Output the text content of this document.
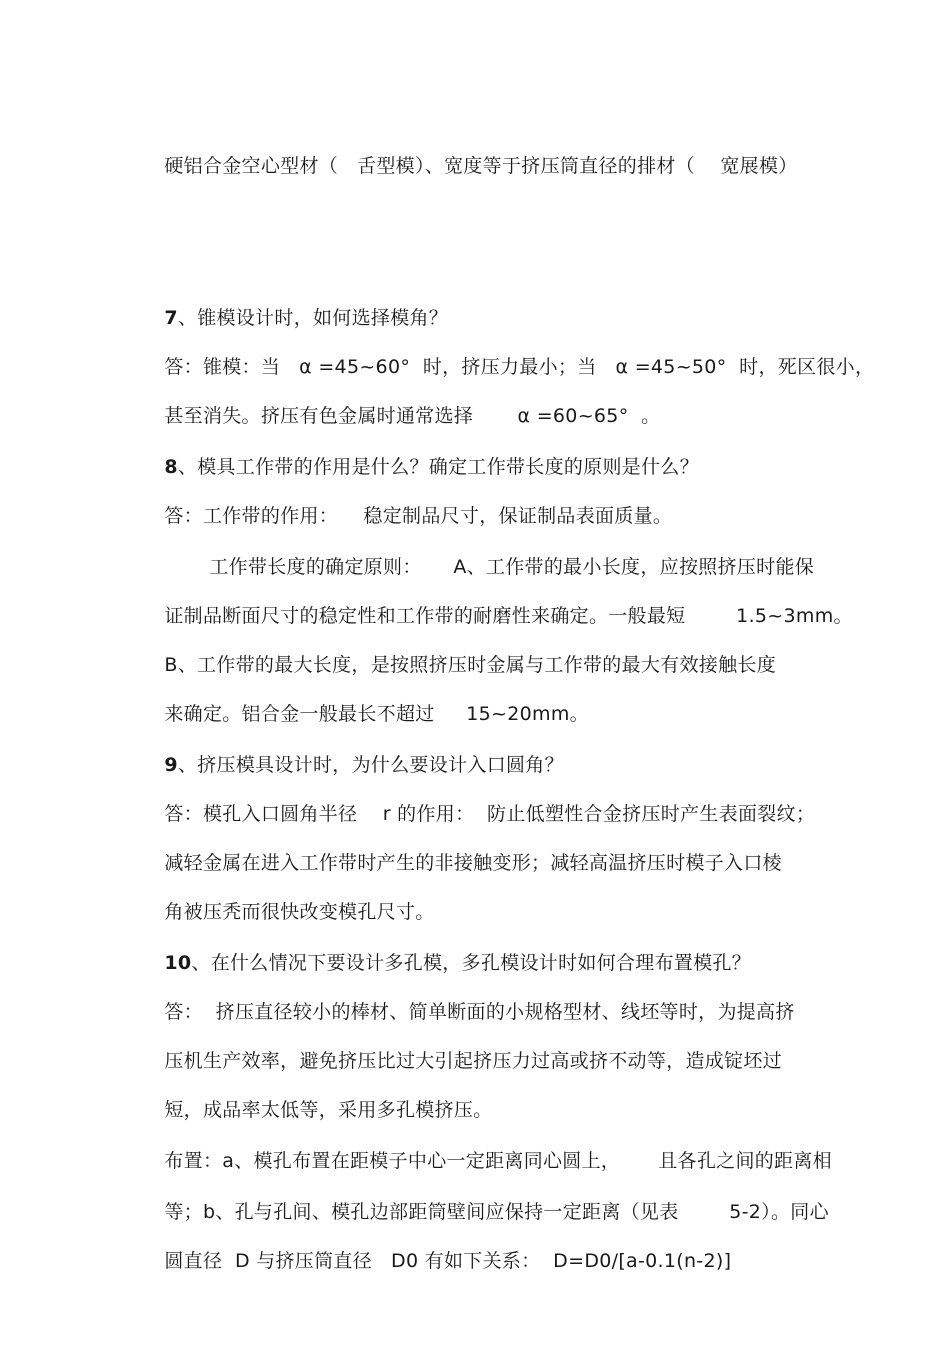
硬铝合金空心型材（   舌型模）、宽度等于挤压筒直径的排材（    宽展模）

7、锥模设计时，如何选择模角？

答：锥模：当   α =45~60°  时，挤压力最小；当   α =45~50°  时，死区很小，

甚至消失。挤压有色金属时通常选择       α =60~65°  。

8、模具工作带的作用是什么？确定工作带长度的原则是什么？

答：工作带的作用：    稳定制品尺寸，保证制品表面质量。

工作带长度的确定原则：     A、工作带的最小长度，应按照挤压时能保

证制品断面尺寸的稳定性和工作带的耐磨性来确定。一般最短        1.5~3mm。

B、工作带的最大长度，是按照挤压时金属与工作带的最大有效接触长度

来确定。铝合金一般最长不超过     15~20mm。

9、挤压模具设计时，为什么要设计入口圆角？

答：模孔入口圆角半径    r 的作用：  防止低塑性合金挤压时产生表面裂纹；

减轻金属在进入工作带时产生的非接触变形；减轻高温挤压时模子入口棱

角被压秃而很快改变模孔尺寸。

10、在什么情况下要设计多孔模，多孔模设计时如何合理布置模孔？

答：  挤压直径较小的棒材、简单断面的小规格型材、线坯等时，为提高挤

压机生产效率，避免挤压比过大引起挤压力过高或挤不动等，造成锭坯过

短，成品率太低等，采用多孔模挤压。

布置：a、模孔布置在距模子中心一定距离同心圆上，      且各孔之间的距离相

等；b、孔与孔间、模孔边部距筒壁间应保持一定距离（见表        5-2）。同心

圆直径  D 与挤压筒直径   D0 有如下关系：  D=D0/[a-0.1(n-2)]
